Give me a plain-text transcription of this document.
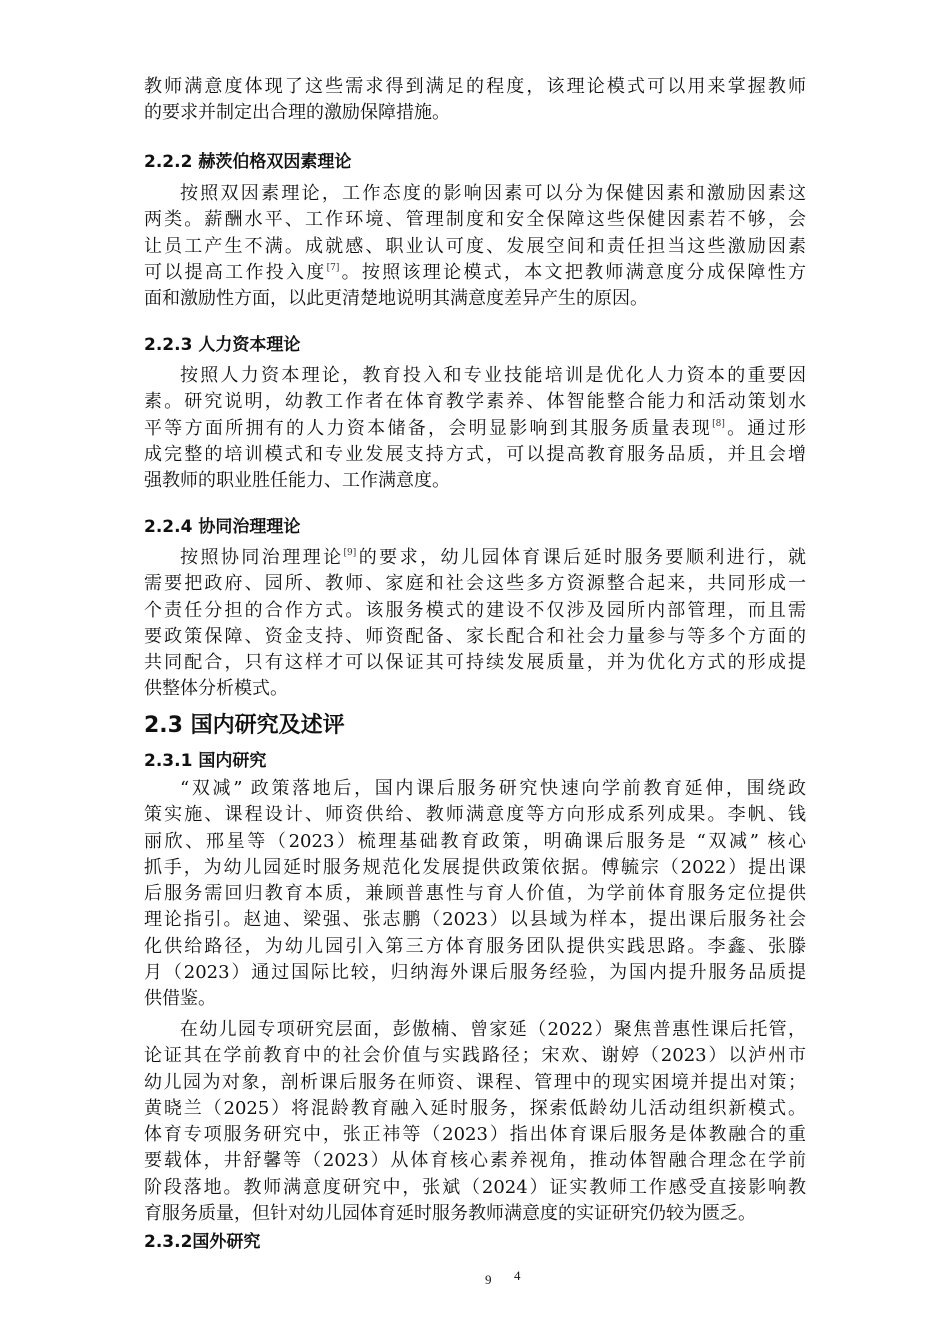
教师满意度体现了这些需求得到满足的程度，该理论模式可以用来掌握教师
的要求并制定出合理的激励保障措施。
2.2.2 赫茨伯格双因素理论
按照双因素理论，工作态度的影响因素可以分为保健因素和激励因素这
两类。薪酬水平、工作环境、管理制度和安全保障这些保健因素若不够，会
让员工产生不满。成就感、职业认可度、发展空间和责任担当这些激励因素
可以提高工作投入度[7]。按照该理论模式，本文把教师满意度分成保障性方
面和激励性方面，以此更清楚地说明其满意度差异产生的原因。
2.2.3 人力资本理论
按照人力资本理论，教育投入和专业技能培训是优化人力资本的重要因
素。研究说明，幼教工作者在体育教学素养、体智能整合能力和活动策划水
平等方面所拥有的人力资本储备，会明显影响到其服务质量表现[8]。通过形
成完整的培训模式和专业发展支持方式，可以提高教育服务品质，并且会增
强教师的职业胜任能力、工作满意度。
2.2.4 协同治理理论
按照协同治理理论[9]的要求，幼儿园体育课后延时服务要顺利进行，就
需要把政府、园所、教师、家庭和社会这些多方资源整合起来，共同形成一
个责任分担的合作方式。该服务模式的建设不仅涉及园所内部管理，而且需
要政策保障、资金支持、师资配备、家长配合和社会力量参与等多个方面的
共同配合，只有这样才可以保证其可持续发展质量，并为优化方式的形成提
供整体分析模式。
2.3 国内研究及述评
2.3.1 国内研究
“双减” 政策落地后，国内课后服务研究快速向学前教育延伸，围绕政
策实施、课程设计、师资供给、教师满意度等方向形成系列成果。李帆、钱
丽欣、邢星等（2023）梳理基础教育政策，明确课后服务是 “双减” 核心
抓手，为幼儿园延时服务规范化发展提供政策依据。傅毓宗（2022）提出课
后服务需回归教育本质，兼顾普惠性与育人价值，为学前体育服务定位提供
理论指引。赵迪、梁强、张志鹏（2023）以县域为样本，提出课后服务社会
化供给路径，为幼儿园引入第三方体育服务团队提供实践思路。李鑫、张滕
月（2023）通过国际比较，归纳海外课后服务经验，为国内提升服务品质提
供借鉴。
在幼儿园专项研究层面，彭傲楠、曾家延（2022）聚焦普惠性课后托管，
论证其在学前教育中的社会价值与实践路径；宋欢、谢婷（2023）以泸州市
幼儿园为对象，剖析课后服务在师资、课程、管理中的现实困境并提出对策；
黄晓兰（2025）将混龄教育融入延时服务，探索低龄幼儿活动组织新模式。
体育专项服务研究中，张正祎等（2023）指出体育课后服务是体教融合的重
要载体，井舒馨等（2023）从体育核心素养视角，推动体智融合理念在学前
阶段落地。教师满意度研究中，张斌（2024）证实教师工作感受直接影响教
育服务质量，但针对幼儿园体育延时服务教师满意度的实证研究仍较为匮乏。
2.3.2国外研究
9 4
